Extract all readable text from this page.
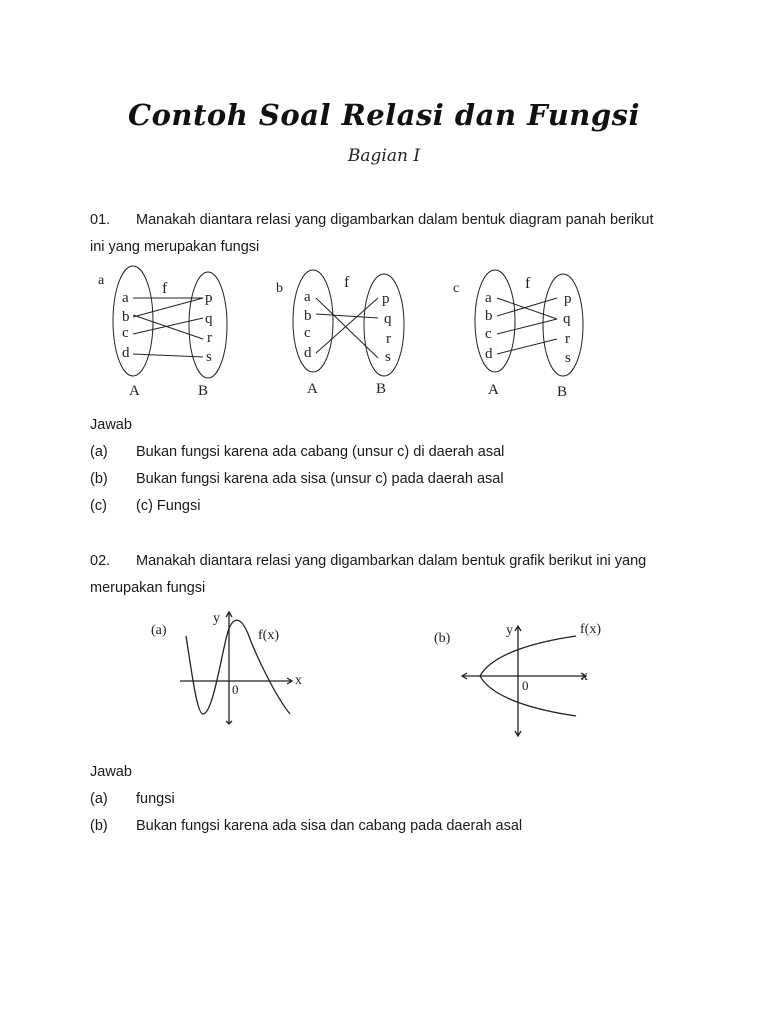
Contoh Soal Relasi dan Fungsi
Bagian I
01. Manakah diantara relasi yang digambarkan dalam bentuk diagram panah berikut
ini yang merupakan fungsi
a	f
a
b
c
d
p
q
r
s
A	B
b	f
a
b
c
d
p
q
r
s
A	B
c	f
a
b
c
d
p
q
r
s
A	B
Jawab
(a)	Bukan fungsi karena ada cabang (unsur c) di daerah asal
(b)	Bukan fungsi karena ada sisa (unsur c) pada daerah asal
(c)	(c) Fungsi
02. Manakah diantara relasi yang digambarkan dalam bentuk grafik berikut ini yang
merupakan fungsi
(a)
y
x
0
f(x)	(b)
y
x
0
f(x)
Jawab
(a)	fungsi
(b)	Bukan fungsi karena ada sisa dan cabang pada daerah asal
